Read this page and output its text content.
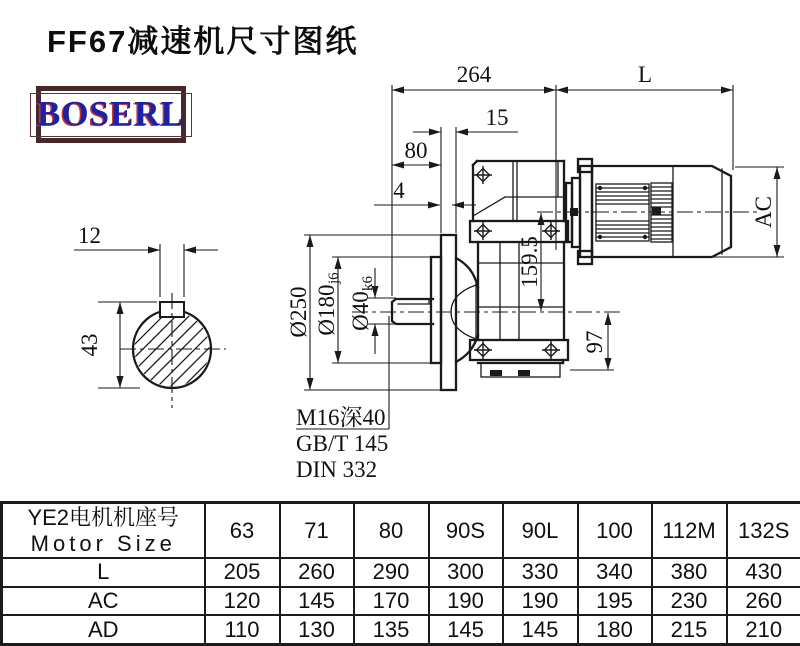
FF67减速机尺寸图纸
BOSERL
12
43
264	L
15
80
4
AC
159.5
97
Ø250 Ø180
j6
Ø40
k6
M16深40
GB/T 145
DIN 332
YE2电机机座号
Motor Size	63	71	80	90S	90L	100	112M	132S
L	205	260	290	300	330	340	380	430
AC	120	145	170	190	190	195	230	260
AD	110	130	135	145	145	180	215	210
